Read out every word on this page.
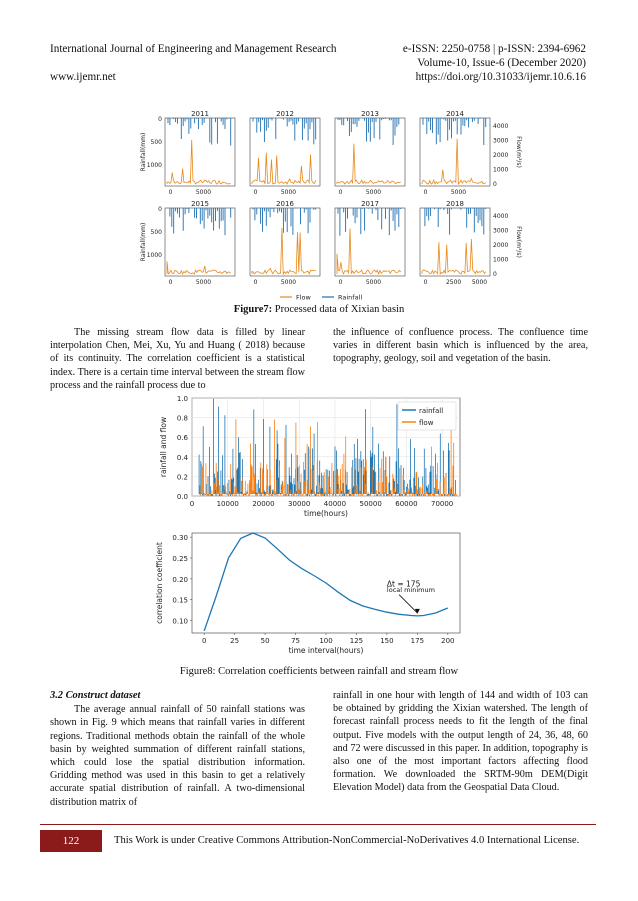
International Journal of Engineering and Management Research	e-ISSN: 2250-0758 | p-ISSN: 2394-6962
Volume-10, Issue-6 (December 2020)
www.ijemr.net	https://doi.org/10.31033/ijemr.10.6.16
2011
0	5000
0
500
1000
Rainfall(mm)
2012
0	5000
2013
0	5000
2014
0	5000
4000
3000
2000
1000
0
Flow(m³/s)
2015
0	5000
0
500
1000
Rainfall(mm)
2016
0	5000
2017
0	5000
2018
0	2500 5000
4000
3000
2000
1000
0
Flow(m³/s)
Flow	Rainfall
Figure7: Processed data of Xixian basin

The missing stream flow data is filled by linear interpolation Chen, Mei, Xu, Yu and Huang ( 2018) because of its continuity. The correlation coefficient is a statistical index. There is a certain time interval between the stream flow process and the rainfall process due to

the influence of confluence process. The confluence time varies in different basin which is influenced by the area, topography, geology, soil and vegetation of the basin.

0.0
0.2
0.4
0.6
0.8
1.0
0	10000 20000 30000 40000 50000 60000 70000
rainfall
flow
time(hours)
rainfall and flow
0.10
0.15
0.20
0.25
0.30
0	25	50	75	100 125 150 175 200
Δt = 175
local minimum
time interval(hours)
correlation coefficient
Figure8: Correlation coefficients between rainfall and stream flow
3.2 Construct dataset

The average annual rainfall of 50 rainfall stations was shown in Fig. 9 which means that rainfall varies in different regions. Traditional methods obtain the rainfall of the whole basin by weighted summation of different rainfall stations, which could lose the spatial distribution information. Gridding method was used in this basin to get a relatively accurate spatial distribution of rainfall. A two-dimensional distribution matrix of

rainfall in one hour with length of 144 and width of 103 can be obtained by gridding the Xixian watershed. The length of forecast rainfall process needs to fit the length of the final output. Five models with the output length of 24, 36, 48, 60 and 72 were discussed in this paper. In addition, topography is also one of the most important factors affecting flood formation. We downloaded the SRTM-90m DEM(Digit Elevation Model) data from the Geospatial Data Cloud.

122	This Work is under Creative Commons Attribution-NonCommercial-NoDerivatives 4.0 International License.
